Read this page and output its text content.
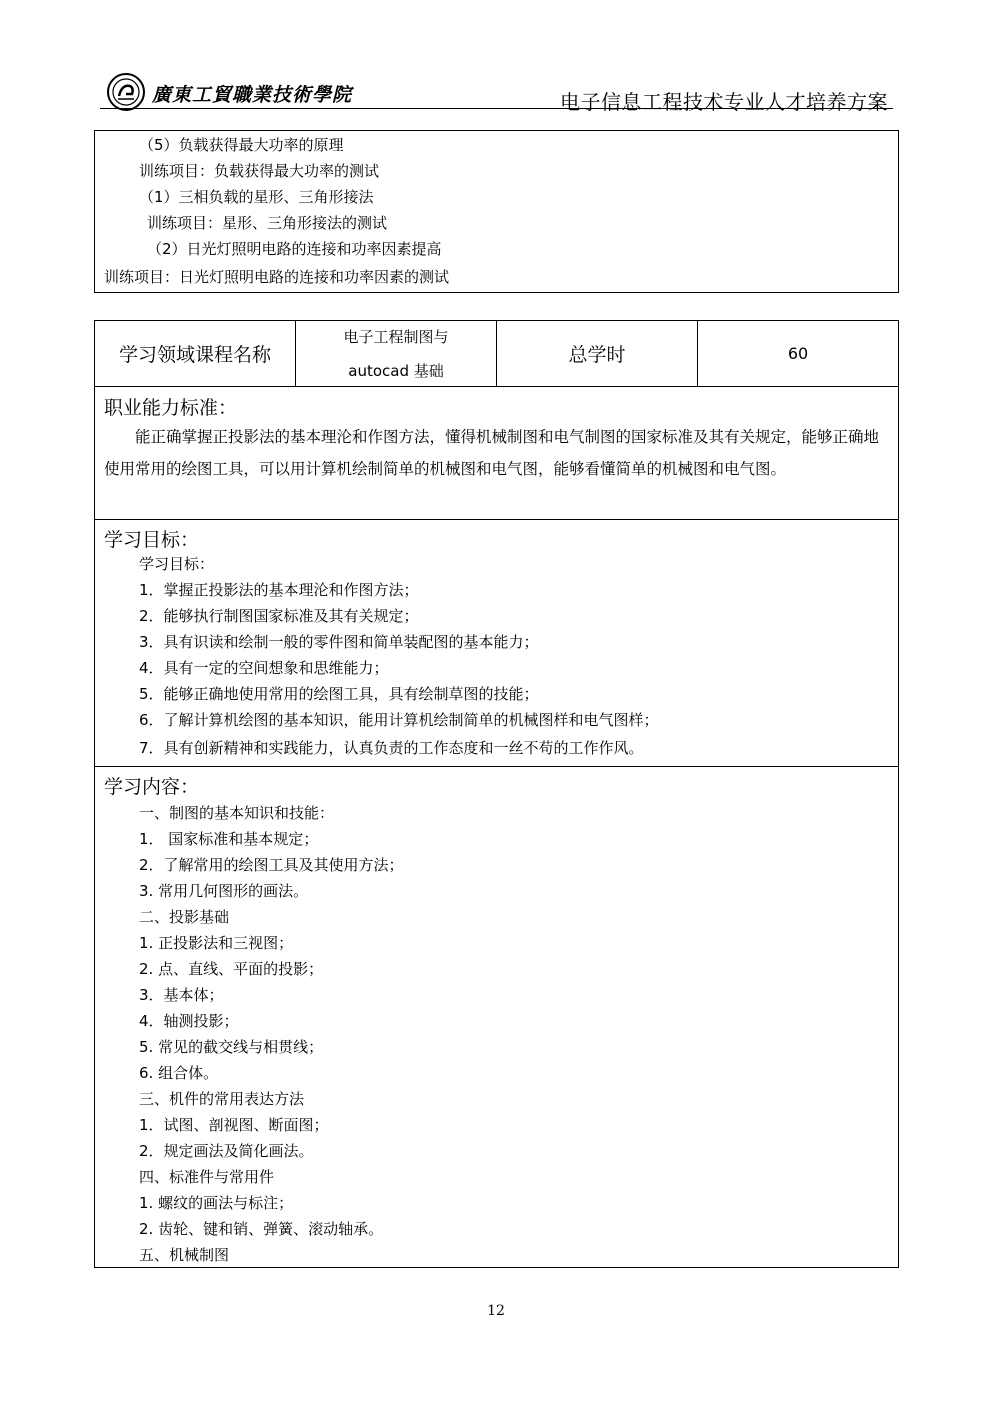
廣東工貿職業技術學院	电子信息工程技术专业人才培养方案
（5）负载获得最大功率的原理
训练项目：负载获得最大功率的测试
（1）三相负载的星形、三角形接法
训练项目：星形、三角形接法的测试
（2）日光灯照明电路的连接和功率因素提高
训练项目：日光灯照明电路的连接和功率因素的测试
学习领域课程名称
电子工程制图与
autocad 基础
总学时	60
职业能力标准：
能正确掌握正投影法的基本理沦和作图方法，懂得机械制图和电气制图的国家标准及其有关规定，能够正确地使用常用的绘图工具，可以用计算机绘制简单的机械图和电气图，能够看懂简单的机械图和电气图。
学习目标：
学习目标：
1．掌握正投影法的基本理沦和作图方法；
2．能够执行制图国家标准及其有关规定；
3．具有识读和绘制一般的零件图和简单装配图的基本能力；
4．具有一定的空间想象和思维能力；
5．能够正确地使用常用的绘图工具，具有绘制草图的技能；
6．了解计算机绘图的基本知识，能用计算机绘制简单的机械图样和电气图样；
7．具有创新精神和实践能力，认真负责的工作态度和一丝不苟的工作作风。
学习内容：
一、制图的基本知识和技能：
1． 国家标准和基本规定；
2．了解常用的绘图工具及其使用方法；
3. 常用几何图形的画法。
二、投影基础
1. 正投影法和三视图；
2. 点、直线、平面的投影；
3．基本体；
4．轴测投影；
5. 常见的截交线与相贯线；
6. 组合体。
三、机件的常用表达方法
1．试图、剖视图、断面图；
2．规定画法及简化画法。
四、标准件与常用件
1. 螺纹的画法与标注；
2. 齿轮、键和销、弹簧、滚动轴承。
五、机械制图
12
